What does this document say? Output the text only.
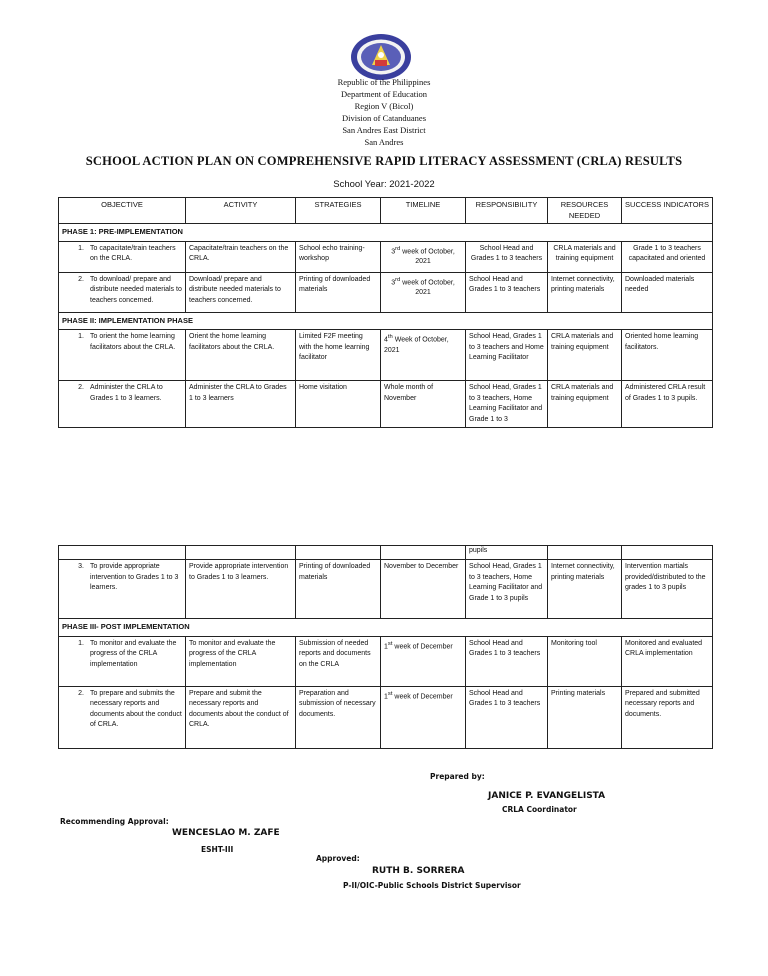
Republic of the Philippines
Department of Education
Region V (Bicol)
Division of Catanduanes
San Andres East District
San Andres
SCHOOL ACTION PLAN ON COMPREHENSIVE RAPID LITERACY ASSESSMENT (CRLA) RESULTS
School Year: 2021-2022
OBJECTIVE	ACTIVITY	STRATEGIES	TIMELINE	RESPONSIBILITY	RESOURCES NEEDED	SUCCESS INDICATORS
PHASE 1: PRE-IMPLEMENTATION						

1. To capacitate/train teachers on the CRLA.	Capacitate/train teachers on the CRLA.	School echo training-workshop	3rd week of October, 2021	School Head and Grades 1 to 3 teachers	CRLA materials and training equipment	Grade 1 to 3 teachers capacitated and oriented

2. To download/ prepare and distribute needed materials to teachers concerned.	Download/ prepare and distribute needed materials to teachers concerned.	Printing of downloaded materials	3rd week of October, 2021	School Head and Grades 1 to 3 teachers	Internet connectivity, printing materials	Downloaded materials needed
PHASE II: IMPLEMENTATION PHASE						

1. To orient the home learning facilitators about the CRLA.	Orient the home learning facilitators about the CRLA.	Limited F2F meeting with the home learning facilitator	4th Week of October, 2021	School Head, Grades 1 to 3 teachers and Home Learning Facilitator	CRLA materials and training equipment	Oriented home learning facilitators.

2. Administer the CRLA to Grades 1 to 3 learners.	Administer the CRLA to Grades 1 to 3 learners	Home visitation	Whole month of November	School Head, Grades 1 to 3 teachers, Home Learning Facilitator and Grade 1 to 3	CRLA materials and training equipment	Administered CRLA result of Grades 1 to 3 pupils.
				pupils		

3. To provide appropriate intervention to Grades 1 to 3 learners.	Provide appropriate intervention to Grades 1 to 3 learners.	Printing of downloaded materials	November to December	School Head, Grades 1 to 3 teachers, Home Learning Facilitator and Grade 1 to 3 pupils	Internet connectivity, printing materials	Intervention martials provided/distributed to the grades 1 to 3 pupils
PHASE III- POST IMPLEMENTATION						

1. To monitor and evaluate the progress of the CRLA implementation	To monitor and evaluate the progress of the CRLA implementation	Submission of needed reports and documents on the CRLA	1st week of December	School Head and Grades 1 to 3 teachers	Monitoring tool	Monitored and evaluated CRLA implementation

2. To prepare and submits the necessary reports and documents about the conduct of CRLA.	Prepare and submit the necessary reports and documents about the conduct of CRLA.	Preparation and submission of necessary documents.	1st week of December	School Head and Grades 1 to 3 teachers	Printing materials	Prepared and submitted necessary reports and documents.
Prepared by:
JANICE P. EVANGELISTA
CRLA Coordinator
Recommending Approval:
WENCESLAO M. ZAFE
ESHT-III
Approved:
RUTH B. SORRERA
P-II/OIC-Public Schools District Supervisor
